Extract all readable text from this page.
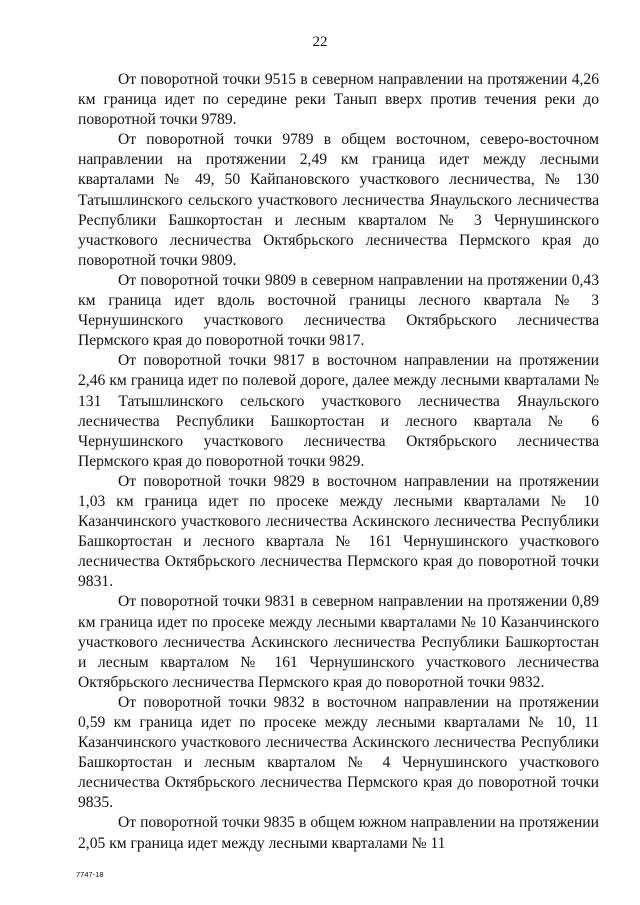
22

От поворотной точки 9515 в северном направлении на протяжении 4,26 км граница идет по середине реки Танып вверх против течения реки до поворотной точки 9789.

От поворотной точки 9789 в общем восточном, северо-восточном направлении на протяжении 2,49 км граница идет между лесными кварталами № 49, 50 Кайпановского участкового лесничества, № 130 Татышлинского сельского участкового лесничества Янаульского лесничества Республики Башкортостан и лесным кварталом № 3 Чернушинского участкового лесничества Октябрьского лесничества Пермского края до поворотной точки 9809.

От поворотной точки 9809 в северном направлении на протяжении 0,43 км граница идет вдоль восточной границы лесного квартала № 3 Чернушинского участкового лесничества Октябрьского лесничества Пермского края до поворотной точки 9817.

От поворотной точки 9817 в восточном направлении на протяжении 2,46 км граница идет по полевой дороге, далее между лесными кварталами № 131 Татышлинского сельского участкового лесничества Янаульского лесничества Республики Башкортостан и лесного квартала № 6 Чернушинского участкового лесничества Октябрьского лесничества Пермского края до поворотной точки 9829.

От поворотной точки 9829 в восточном направлении на протяжении 1,03 км граница идет по просеке между лесными кварталами № 10 Казанчинского участкового лесничества Аскинского лесничества Республики Башкортостан и лесного квартала № 161 Чернушинского участкового лесничества Октябрьского лесничества Пермского края до поворотной точки 9831.

От поворотной точки 9831 в северном направлении на протяжении 0,89 км граница идет по просеке между лесными кварталами № 10 Казанчинского участкового лесничества Аскинского лесничества Республики Башкортостан и лесным кварталом № 161 Чернушинского участкового лесничества Октябрьского лесничества Пермского края до поворотной точки 9832.

От поворотной точки 9832 в восточном направлении на протяжении 0,59 км граница идет по просеке между лесными кварталами № 10, 11 Казанчинского участкового лесничества Аскинского лесничества Республики Башкортостан и лесным кварталом № 4 Чернушинского участкового лесничества Октябрьского лесничества Пермского края до поворотной точки 9835.

От поворотной точки 9835 в общем южном направлении на протяжении 2,05 км граница идет между лесными кварталами № 11

7747-18
